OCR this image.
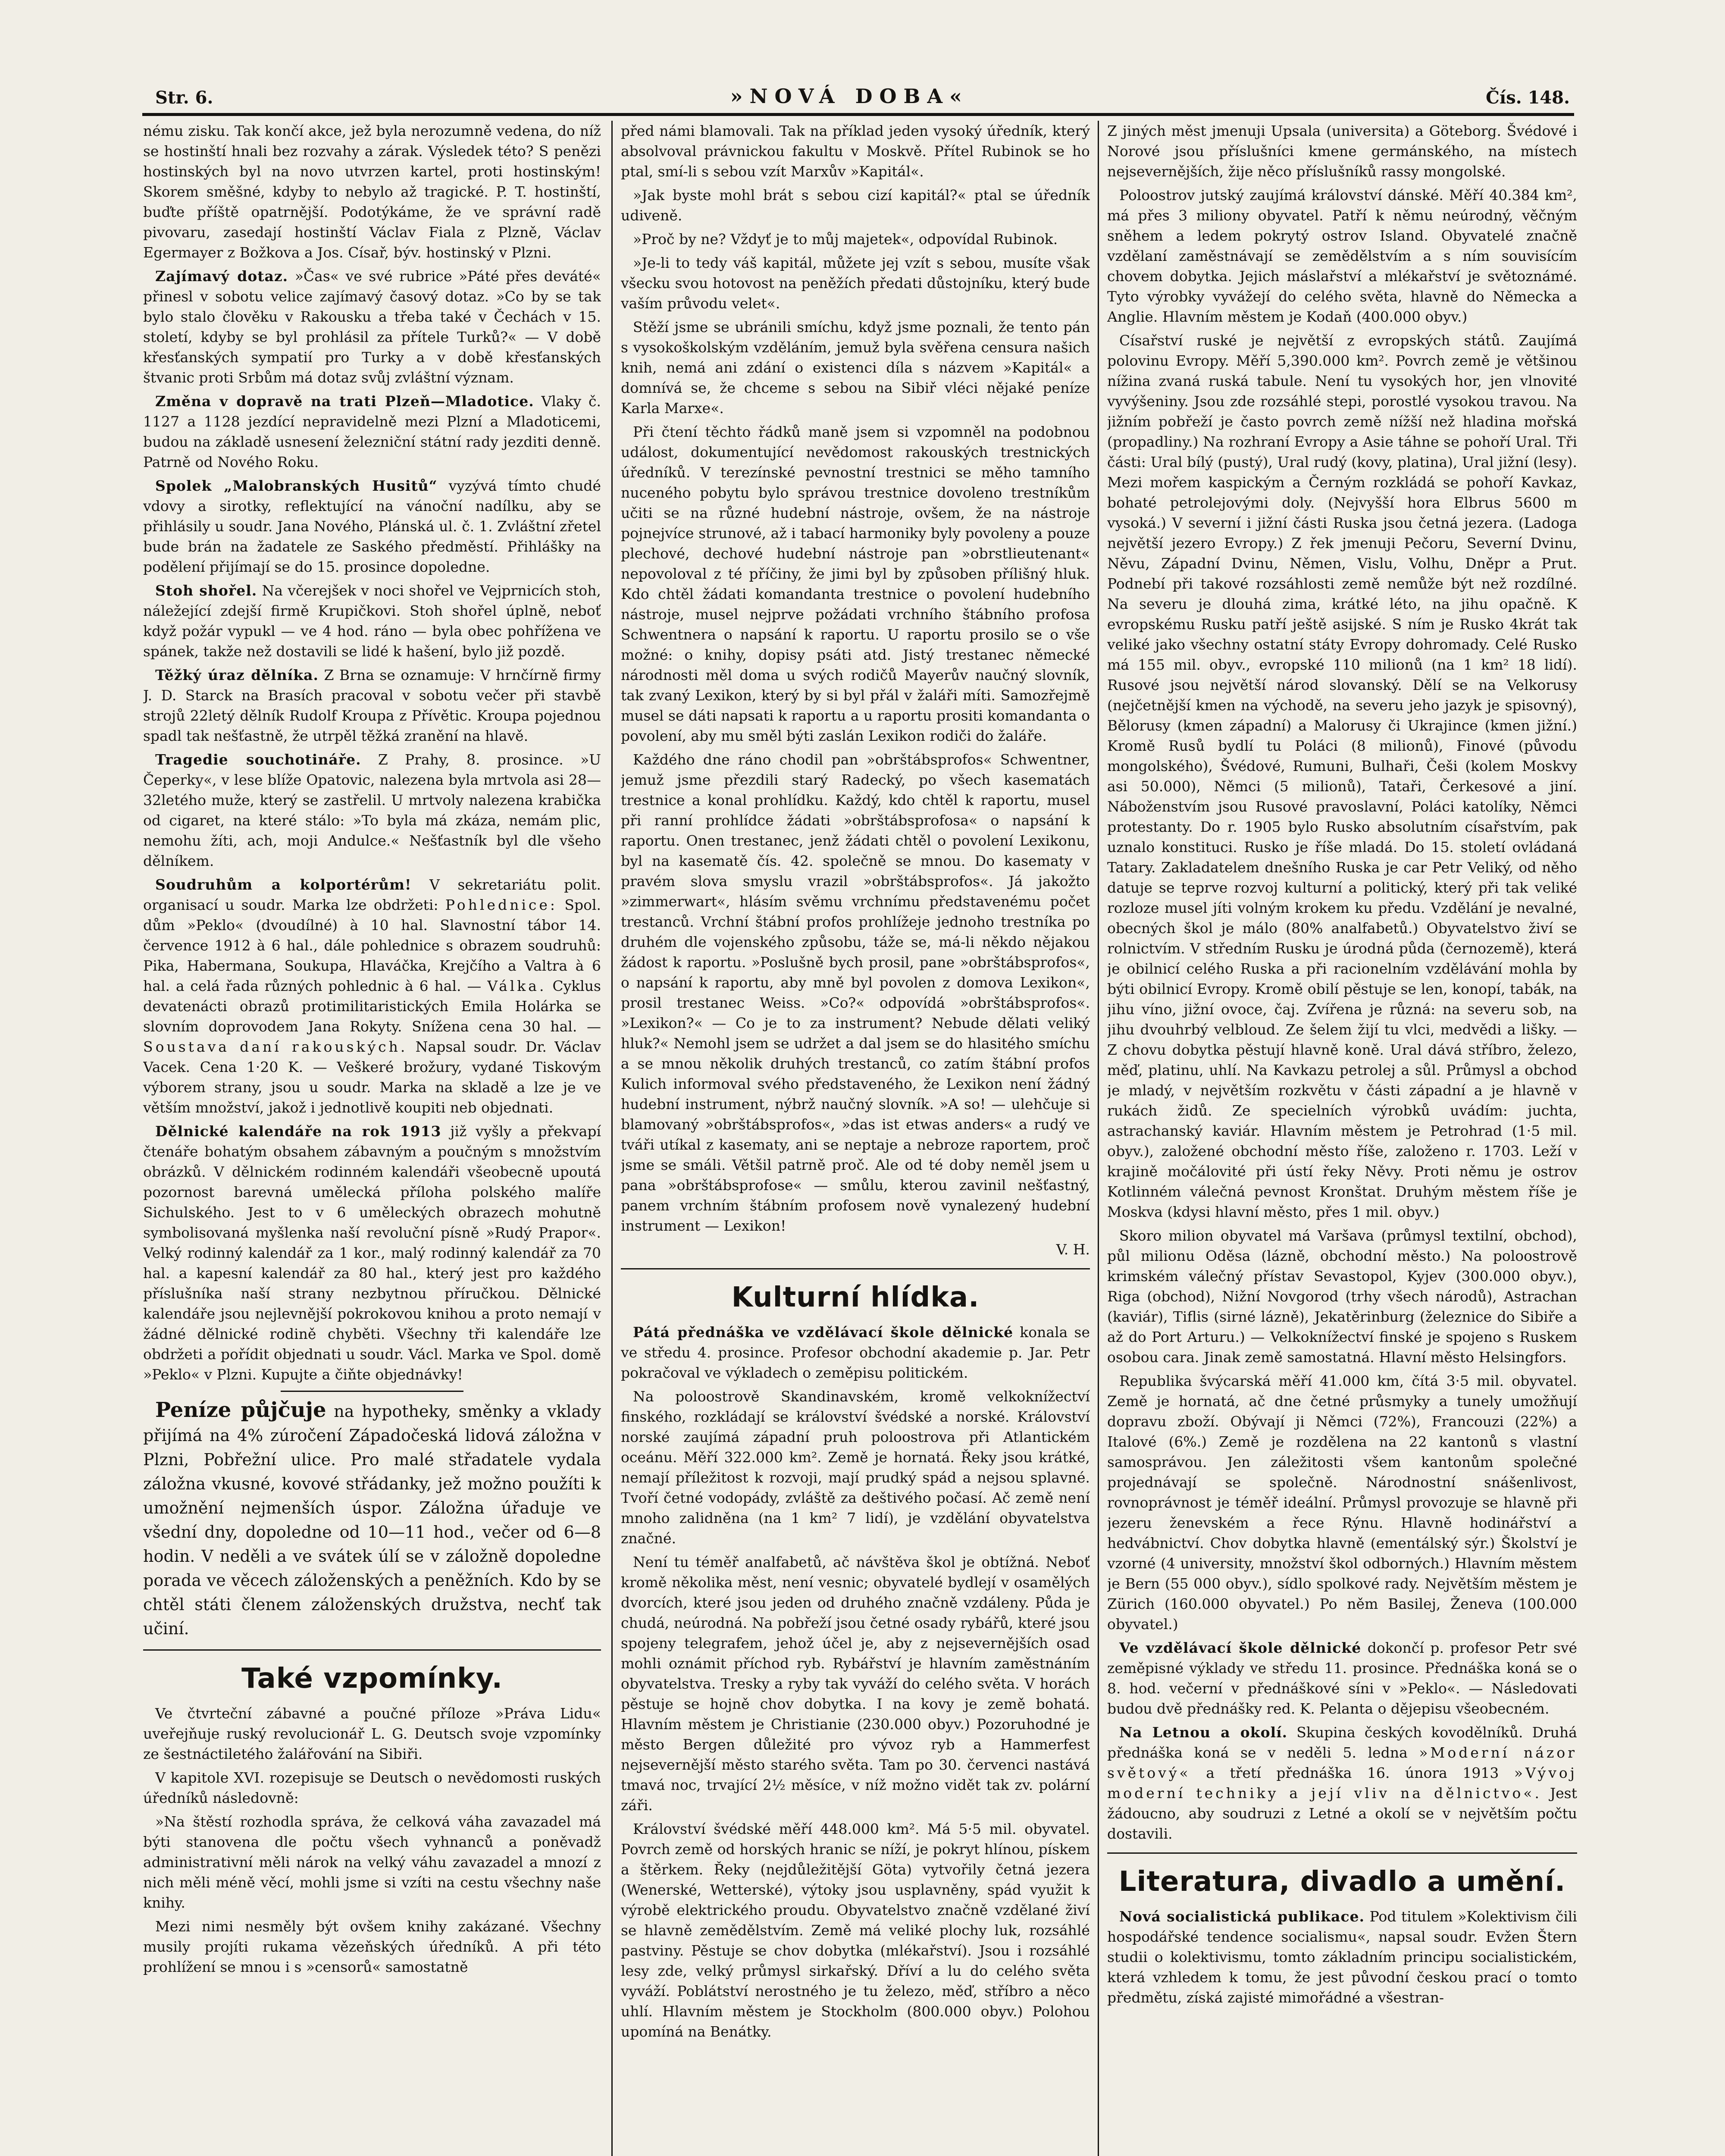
Str. 6.	»NOVÁ DOBA«	Čís. 148.

nému zisku. Tak končí akce, jež byla nerozumně vedena, do níž se hostinští hnali bez rozvahy a zárak. Výsledek této? S penězi hostinských byl na novo utvrzen kartel, proti hostinským! Skorem směšné, kdyby to nebylo až tragické. P. T. hostinští, buďte příště opatrnější. Podotýkáme, že ve správní radě pivovaru, zasedají hostinští Václav Fiala z Plzně, Václav Egermayer z Božkova a Jos. Císař, býv. hostinský v Plzni.

Zajímavý dotaz. »Čas« ve své rubrice »Páté přes deváté« přinesl v sobotu velice zajímavý časový dotaz. »Co by se tak bylo stalo člověku v Rakousku a třeba také v Čechách v 15. století, kdyby se byl prohlásil za přítele Turků?« — V době křesťanských sympatií pro Turky a v době křesťanských štvanic proti Srbům má dotaz svůj zvláštní význam.

Změna v dopravě na trati Plzeň—Mladotice. Vlaky č. 1127 a 1128 jezdící nepravidelně mezi Plzní a Mladoticemi, budou na základě usnesení železniční státní rady jezditi denně. Patrně od Nového Roku.

Spolek „Malobranských Husitů“ vyzývá tímto chudé vdovy a sirotky, reflektující na vánoční nadílku, aby se přihlásily u soudr. Jana Nového, Plánská ul. č. 1. Zvláštní zřetel bude brán na žadatele ze Saského předměstí. Přihlášky na podělení přijímají se do 15. prosince dopoledne.

Stoh shořel. Na včerejšek v noci shořel ve Vejprnicích stoh, náležející zdejší firmě Krupičkovi. Stoh shořel úplně, neboť když požár vypukl — ve 4 hod. ráno — byla obec pohřížena ve spánek, takže než dostavili se lidé k hašení, bylo již pozdě.

Těžký úraz dělníka. Z Brna se oznamuje: V hrnčírně firmy J. D. Starck na Brasích pracoval v sobotu večer při stavbě strojů 22letý dělník Rudolf Kroupa z Přívětic. Kroupa pojednou spadl tak nešťastně, že utrpěl těžká zranění na hlavě.

Tragedie souchotináře. Z Prahy, 8. prosince. »U Čeperky«, v lese blíže Opatovic, nalezena byla mrtvola asi 28—32letého muže, který se zastřelil. U mrtvoly nalezena krabička od cigaret, na které stálo: »To byla má zkáza, nemám plic, nemohu žíti, ach, moji Andulce.« Nešťastník byl dle všeho dělníkem.

Soudruhům a kolportérům! V sekretariátu polit. organisací u soudr. Marka lze obdržeti: Pohlednice: Spol. dům »Peklo« (dvoudílné) à 10 hal. Slavnostní tábor 14. července 1912 à 6 hal., dále pohlednice s obrazem soudruhů: Pika, Habermana, Soukupa, Hlaváčka, Krejčího a Valtra à 6 hal. a celá řada různých pohlednic à 6 hal. — Válka. Cyklus devatenácti obrazů protimilitaristických Emila Holárka se slovním doprovodem Jana Rokyty. Snížena cena 30 hal. — Soustava daní rakouských. Napsal soudr. Dr. Václav Vacek. Cena 1·20 K. — Veškeré brožury, vydané Tiskovým výborem strany, jsou u soudr. Marka na skladě a lze je ve větším množství, jakož i jednotlivě koupiti neb objednati.

Dělnické kalendáře na rok 1913 již vyšly a překvapí čtenáře bohatým obsahem zábavným a poučným s množstvím obrázků. V dělnickém rodinném kalendáři všeobecně upoutá pozornost barevná umělecká příloha polského malíře Sichulského. Jest to v 6 uměleckých obrazech mohutně symbolisovaná myšlenka naší revoluční písně »Rudý Prapor«. Velký rodinný kalendář za 1 kor., malý rodinný kalendář za 70 hal. a kapesní kalendář za 80 hal., který jest pro každého příslušníka naší strany nezbytnou příručkou. Dělnické kalendáře jsou nejlevnější pokrokovou knihou a proto nemají v žádné dělnické rodině chyběti. Všechny tři kalendáře lze obdržeti a pořídit objednati u soudr. Václ. Marka ve Spol. domě »Peklo« v Plzni. Kupujte a čiňte objednávky!

Peníze půjčuje na hypotheky, směnky a vklady přijímá na 4% zúročení Západočeská lidová záložna v Plzni, Pobřežní ulice. Pro malé střadatele vydala záložna vkusné, kovové střádanky, jež možno použíti k umožnění nejmenších úspor. Záložna úřaduje ve všední dny, dopoledne od 10—11 hod., večer od 6—8 hodin. V neděli a ve svátek úlí se v záložně dopoledne porada ve věcech záloženských a peněžních. Kdo by se chtěl státi členem záloženských družstva, nechť tak učiní.

Také vzpomínky.

Ve čtvrteční zábavné a poučné příloze »Práva Lidu« uveřejňuje ruský revolucionář L. G. Deutsch svoje vzpomínky ze šestnáctiletého žalářování na Sibiři.

V kapitole XVI. rozepisuje se Deutsch o nevědomosti ruských úředníků následovně:

»Na štěstí rozhodla správa, že celková váha zavazadel má býti stanovena dle počtu všech vyhnanců a poněvadž administrativní měli nárok na velký váhu zavazadel a mnozí z nich měli méně věcí, mohli jsme si vzíti na cestu všechny naše knihy.

Mezi nimi nesměly být ovšem knihy zakázané. Všechny musily projíti rukama vězeňských úředníků. A při této prohlížení se mnou i s »censorů« samostatně

před námi blamovali. Tak na příklad jeden vysoký úředník, který absolvoval právnickou fakultu v Moskvě. Přítel Rubinok se ho ptal, smí-li s sebou vzít Marxův »Kapitál«.

»Jak byste mohl brát s sebou cizí kapitál?« ptal se úředník udiveně.

»Proč by ne? Vždyť je to můj majetek«, odpovídal Rubinok.

»Je-li to tedy váš kapitál, můžete jej vzít s sebou, musíte však všecku svou hotovost na peněžích předati důstojníku, který bude vaším průvodu velet«.

Stěží jsme se ubránili smíchu, když jsme poznali, že tento pán s vysokoškolským vzděláním, jemuž byla svěřena censura našich knih, nemá ani zdání o existenci díla s názvem »Kapitál« a domnívá se, že chceme s sebou na Sibiř vléci nějaké peníze Karla Marxe«.

Při čtení těchto řádků maně jsem si vzpomněl na podobnou událost, dokumentující nevědomost rakouských trestnických úředníků. V terezínské pevnostní trestnici se měho tamního nuceného pobytu bylo správou trestnice dovoleno trestníkům učiti se na různé hudební nástroje, ovšem, že na nástroje pojnejvíce strunové, až i tabací harmoniky byly povoleny a pouze plechové, dechové hudební nástroje pan »obrstlieutenant« nepovoloval z té příčiny, že jimi byl by způsoben přílišný hluk. Kdo chtěl žádati komandanta trestnice o povolení hudebního nástroje, musel nejprve požádati vrchního štábního profosa Schwentnera o napsání k raportu. U raportu prosilo se o vše možné: o knihy, dopisy psáti atd. Jistý trestanec německé národnosti měl doma u svých rodičů Mayerův naučný slovník, tak zvaný Lexikon, který by si byl přál v žaláři míti. Samozřejmě musel se dáti napsati k raportu a u raportu prositi komandanta o povolení, aby mu směl býti zaslán Lexikon rodiči do žaláře.

Každého dne ráno chodil pan »obrštábsprofos« Schwentner, jemuž jsme přezdili starý Radecký, po všech kasematách trestnice a konal prohlídku. Každý, kdo chtěl k raportu, musel při ranní prohlídce žádati »obrštábsprofosa« o napsání k raportu. Onen trestanec, jenž žádati chtěl o povolení Lexikonu, byl na kasematě čís. 42. společně se mnou. Do kasematy v pravém slova smyslu vrazil »obrštábsprofos«. Já jakožto »zimmerwart«, hlásím svěmu vrchnímu představenému počet trestanců. Vrchní štábní profos prohlížeje jednoho trestníka po druhém dle vojenského způsobu, táže se, má-li někdo nějakou žádost k raportu. »Poslušně bych prosil, pane »obrštábsprofos«, o napsání k raportu, aby mně byl povolen z domova Lexikon«, prosil trestanec Weiss. »Co?« odpovídá »obrštábsprofos«. »Lexikon?« — Co je to za instrument? Nebude dělati veliký hluk?« Nemohl jsem se udržet a dal jsem se do hlasitého smíchu a se mnou několik druhých trestanců, co zatím štábní profos Kulich informoval svého představeného, že Lexikon není žádný hudební instrument, nýbrž naučný slovník. »A so! — ulehčuje si blamovaný »obrštábsprofos«, »das ist etwas anders« a rudý ve tváři utíkal z kasematy, ani se neptaje a nebroze raportem, proč jsme se smáli. Většil patrně proč. Ale od té doby neměl jsem u pana »obrštábsprofose« — smůlu, kterou zavinil nešťastný, panem vrchním štábním profosem nově vynalezený hudební instrument — Lexikon!

V. H.

Kulturní hlídka.

Pátá přednáška ve vzdělávací škole dělnické konala se ve středu 4. prosince. Profesor obchodní akademie p. Jar. Petr pokračoval ve výkladech o zeměpisu politickém.

Na poloostrově Skandinavském, kromě velkoknížectví finského, rozkládají se království švédské a norské. Království norské zaujímá západní pruh poloostrova při Atlantickém oceánu. Měří 322.000 km². Země je hornatá. Řeky jsou krátké, nemají příležitost k rozvoji, mají prudký spád a nejsou splavné. Tvoří četné vodopády, zvláště za deštivého počasí. Ač země není mnoho zalidněna (na 1 km² 7 lidí), je vzdělání obyvatelstva značné.

Není tu téměř analfabetů, ač návštěva škol je obtížná. Neboť kromě několika měst, není vesnic; obyvatelé bydlejí v osamělých dvorcích, které jsou jeden od druhého značně vzdáleny. Půda je chudá, neúrodná. Na pobřeží jsou četné osady rybářů, které jsou spojeny telegrafem, jehož účel je, aby z nejsevernějších osad mohli oznámit příchod ryb. Rybářství je hlavním zaměstnáním obyvatelstva. Tresky a ryby tak vyváží do celého světa. V horách pěstuje se hojně chov dobytka. I na kovy je země bohatá. Hlavním městem je Christianie (230.000 obyv.) Pozoruhodné je město Bergen důležité pro vývoz ryb a Hammerfest nejsevernější město starého světa. Tam po 30. červenci nastává tmavá noc, trvající 2½ měsíce, v níž možno vidět tak zv. polární záři.

Království švédské měří 448.000 km². Má 5·5 mil. obyvatel. Povrch země od horských hranic se níží, je pokryt hlínou, pískem a štěrkem. Řeky (nejdůležitější Göta) vytvořily četná jezera (Wenerské, Wetterské), výtoky jsou usplavněny, spád využit k výrobě elektrického proudu. Obyvatelstvo značně vzdělané živí se hlavně zemědělstvím. Země má veliké plochy luk, rozsáhlé pastviny. Pěstuje se chov dobytka (mlékařství). Jsou i rozsáhlé lesy zde, velký průmysl sirkařský. Dříví a lu do celého světa vyváží. Poblátství nerostného je tu železo, měď, stříbro a něco uhlí. Hlavním městem je Stockholm (800.000 obyv.) Polohou upomíná na Benátky.

Z jiných měst jmenuji Upsala (universita) a Göteborg. Švédové i Norové jsou příslušníci kmene germánského, na místech nejsevernějších, žije něco příslušníků rassy mongolské.

Poloostrov jutský zaujímá království dánské. Měří 40.384 km², má přes 3 miliony obyvatel. Patří k němu neúrodný, věčným sněhem a ledem pokrytý ostrov Island. Obyvatelé značně vzdělaní zaměstnávají se zemědělstvím a s ním souvisícím chovem dobytka. Jejich máslařství a mlékařství je světoznámé. Tyto výrobky vyvážejí do celého světa, hlavně do Německa a Anglie. Hlavním městem je Kodaň (400.000 obyv.)

Císařství ruské je největší z evropských států. Zaujímá polovinu Evropy. Měří 5,390.000 km². Povrch země je většinou nížina zvaná ruská tabule. Není tu vysokých hor, jen vlnovité vyvýšeniny. Jsou zde rozsáhlé stepi, porostlé vysokou travou. Na jižním pobřeží je často povrch země nížší než hladina mořská (propadliny.) Na rozhraní Evropy a Asie táhne se pohoří Ural. Tři části: Ural bílý (pustý), Ural rudý (kovy, platina), Ural jižní (lesy). Mezi mořem kaspickým a Černým rozkládá se pohoří Kavkaz, bohaté petrolejovými doly. (Nejvyšší hora Elbrus 5600 m vysoká.) V severní i jižní části Ruska jsou četná jezera. (Ladoga největší jezero Evropy.) Z řek jmenuji Pečoru, Severní Dvinu, Něvu, Západní Dvinu, Němen, Vislu, Volhu, Dněpr a Prut. Podnebí při takové rozsáhlosti země nemůže být než rozdílné. Na severu je dlouhá zima, krátké léto, na jihu opačně. K evropskému Rusku patří ještě asijské. S ním je Rusko 4krát tak veliké jako všechny ostatní státy Evropy dohromady. Celé Rusko má 155 mil. obyv., evropské 110 milionů (na 1 km² 18 lidí). Rusové jsou největší národ slovanský. Dělí se na Velkorusy (nejčetnější kmen na východě, na severu jeho jazyk je spisovný), Bělorusy (kmen západní) a Malorusy či Ukrajince (kmen jižní.) Kromě Rusů bydlí tu Poláci (8 milionů), Finové (původu mongolského), Švédové, Rumuni, Bulhaři, Češi (kolem Moskvy asi 50.000), Němci (5 milionů), Tataři, Čerkesové a jiní. Náboženstvím jsou Rusové pravoslavní, Poláci katolíky, Němci protestanty. Do r. 1905 bylo Rusko absolutním císařstvím, pak uznalo konstituci. Rusko je říše mladá. Do 15. století ovládaná Tatary. Zakladatelem dnešního Ruska je car Petr Veliký, od něho datuje se teprve rozvoj kulturní a politický, který při tak veliké rozloze musel jíti volným krokem ku předu. Vzdělání je nevalné, obecných škol je málo (80% analfabetů.) Obyvatelstvo živí se rolnictvím. V středním Rusku je úrodná půda (černozemě), která je obilnicí celého Ruska a při racionelním vzdělávání mohla by býti obilnicí Evropy. Kromě obilí pěstuje se len, konopí, tabák, na jihu víno, jižní ovoce, čaj. Zvířena je různá: na severu sob, na jihu dvouhrbý velbloud. Ze šelem žijí tu vlci, medvědi a lišky. — Z chovu dobytka pěstují hlavně koně. Ural dává stříbro, železo, měď, platinu, uhlí. Na Kavkazu petrolej a sůl. Průmysl a obchod je mladý, v největším rozkvětu v části západní a je hlavně v rukách židů. Ze specielních výrobků uvádím: juchta, astrachanský kaviár. Hlavním městem je Petrohrad (1·5 mil. obyv.), založené obchodní město říše, založeno r. 1703. Leží v krajině močálovité při ústí řeky Něvy. Proti němu je ostrov Kotlinném válečná pevnost Kronštat. Druhým městem říše je Moskva (kdysi hlavní město, přes 1 mil. obyv.)

Skoro milion obyvatel má Varšava (průmysl textilní, obchod), půl milionu Oděsa (lázně, obchodní město.) Na poloostrově krimském válečný přístav Sevastopol, Kyjev (300.000 obyv.), Riga (obchod), Nižní Novgorod (trhy všech národů), Astrachan (kaviár), Tiflis (sirné lázně), Jekatěrinburg (železnice do Sibiře a až do Port Arturu.) — Velkoknížectví finské je spojeno s Ruskem osobou cara. Jinak země samostatná. Hlavní město Helsingfors.

Republika švýcarská měří 41.000 km, čítá 3·5 mil. obyvatel. Země je hornatá, ač dne četné průsmyky a tunely umožňují dopravu zboží. Obývají ji Němci (72%), Francouzi (22%) a Italové (6%.) Země je rozdělena na 22 kantonů s vlastní samosprávou. Jen záležitosti všem kantonům společné projednávají se společně. Národnostní snášenlivost, rovnoprávnost je téměř ideální. Průmysl provozuje se hlavně při jezeru ženevském a řece Rýnu. Hlavně hodinářství a hedvábnictví. Chov dobytka hlavně (ementálský sýr.) Školství je vzorné (4 university, množství škol odborných.) Hlavním městem je Bern (55 000 obyv.), sídlo spolkové rady. Největším městem je Zürich (160.000 obyvatel.) Po něm Basilej, Ženeva (100.000 obyvatel.)

Ve vzdělávací škole dělnické dokončí p. profesor Petr své zeměpisné výklady ve středu 11. prosince. Přednáška koná se o 8. hod. večerní v přednáškové síni v »Peklo«. — Následovati budou dvě přednášky red. K. Pelanta o dějepisu všeobecném.

Na Letnou a okolí. Skupina českých kovodělníků. Druhá přednáška koná se v neděli 5. ledna »Moderní názor světový« a třetí přednáška 16. února 1913 »Vývoj moderní techniky a její vliv na dělnictvo«. Jest žádoucno, aby soudruzi z Letné a okolí se v největším počtu dostavili.

Literatura, divadlo a umění.

Nová socialistická publikace. Pod titulem »Kolektivism čili hospodářské tendence socialismu«, napsal soudr. Evžen Štern studii o kolektivismu, tomto základním principu socialistickém, která vzhledem k tomu, že jest původní českou prací o tomto předmětu, získá zajisté mimořádné a všestran-
